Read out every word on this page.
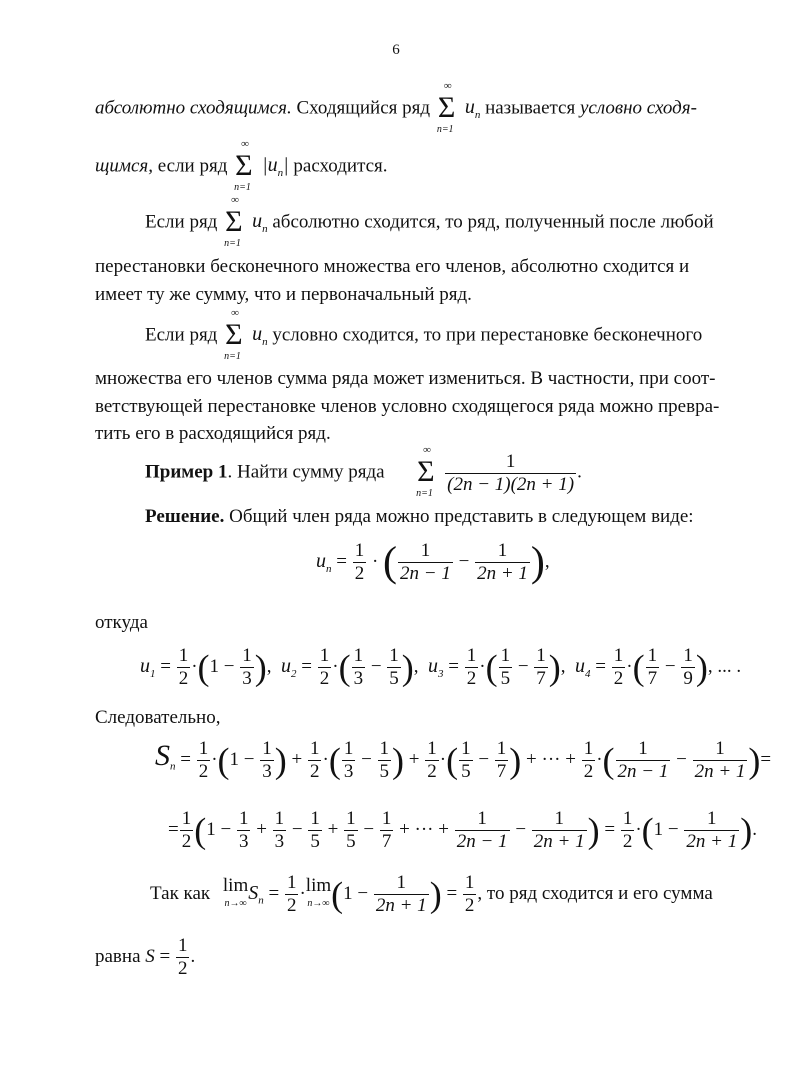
6
абсолютно сходящимся. Сходящийся ряд
∞
Σ
n=1
$u_n$ называется условно сходя-
щимся, если ряд
∞
Σ
n=1
$|u_n|$ расходится.
Если ряд
∞
Σ
n=1
$u_n$ абсолютно сходится, то ряд, полученный после любой
перестановки бесконечного множества его членов, абсолютно сходится и
имеет ту же сумму, что и первоначальный ряд.
Если ряд
∞
Σ
n=1
$u_n$ условно сходится, то при перестановке бесконечного
множества его членов сумма ряда может измениться. В частности, при соот-
ветствующей перестановке членов условно сходящегося ряда можно превра-
тить его в расходящийся ряд.
Пример 1. Найти сумму ряда
∞
Σ
$n=1 \frac{1}{(2n - 1)(2n + 1)}$ .
Решение. Общий член ряда можно представить в следующем виде:
$u_n = \frac{1}{2}$ · ( $\frac{1}{2n - 1} - \frac{1}{2n + 1}$ ),
откуда
$u_1 = \frac{1}{2} \cdot(1 - \frac{1}{3}$ ),  $u_2 = \frac{1}{2}$ ·( $\frac{1}{3} - \frac{1}{5}$ ),  $u_3 = \frac{1}{2}$ ·( $\frac{1}{5} - \frac{1}{7}$ ),  $u_4 = \frac{1}{2}$ ·( $\frac{1}{7} - \frac{1}{9}$ ), ... .
Следовательно,
$S_n = \frac{1}{2} \cdot(1 - \frac{1}{3}$ ) + $\frac{1}{2}$ ·( $\frac{1}{3} - \frac{1}{5}$ ) + $\frac{1}{2}$ ·( $\frac{1}{5} - \frac{1}{7}$ ) + ··· + $\frac{1}{2}$ ·( $\frac{1}{2n - 1} - \frac{1}{2n + 1}$ )=
= $\frac{1}{2} (1 - \frac{1}{3} + \frac{1}{3} - \frac{1}{5} + \frac{1}{5} - \frac{1}{7}$ + ··· + $\frac{1}{2n - 1} - \frac{1}{2n + 1}$ ) = $\frac{1}{2} \cdot(1 - \frac{1}{2n + 1}$ ).
Так как lim
n→∞ $S_n = \frac{1}{2} \cdot \lim$
n→∞ ($1 - \frac{1}{2n + 1}$ ) = $\frac{1}{2}$ , то ряд сходится и его сумма
равна $S = \frac{1}{2}$ .
